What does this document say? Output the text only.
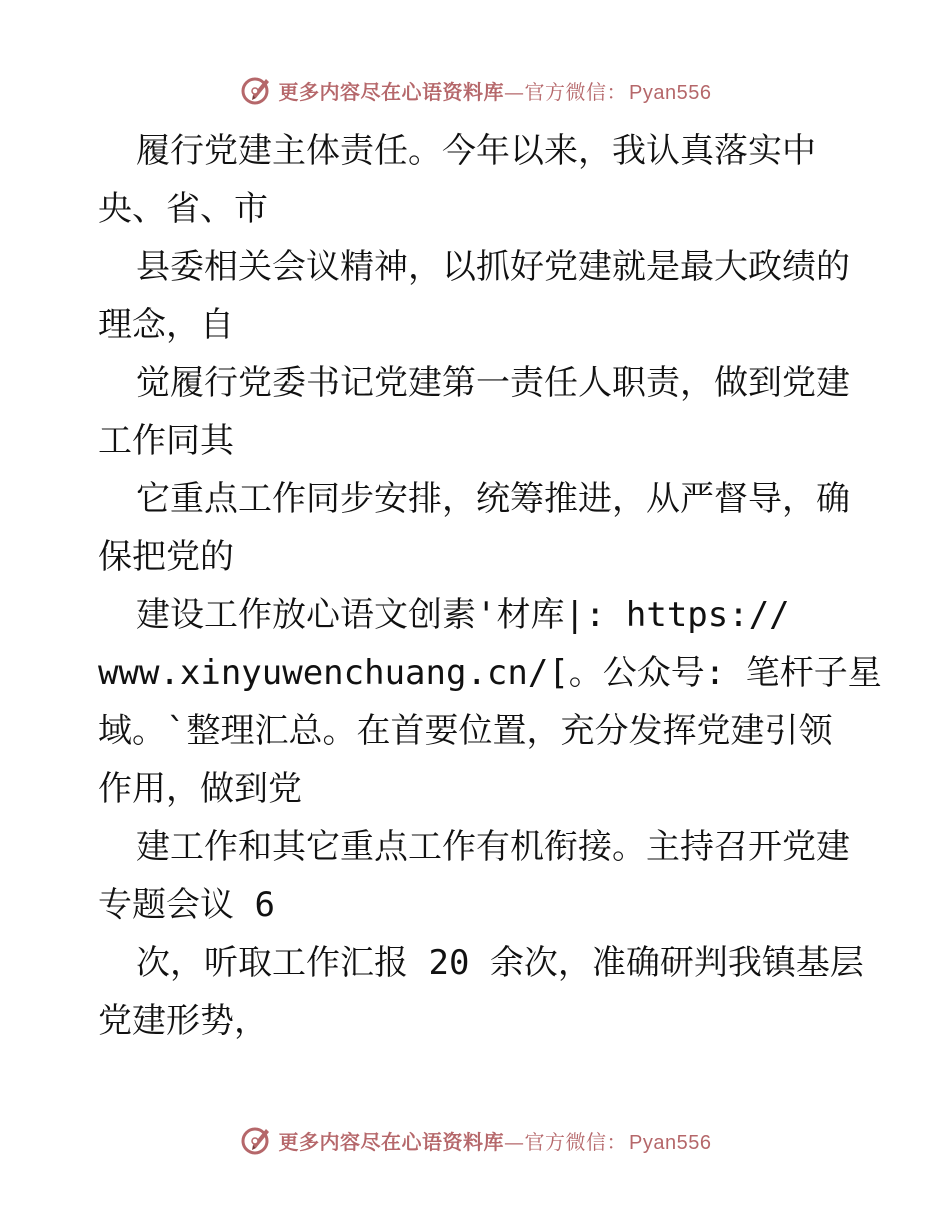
更多内容尽在心语资料库—官方微信： Pyan556
履行党建主体责任。今年以来，我认真落实中
央、省、市
县委相关会议精神，以抓好党建就是最大政绩的
理念，自
觉履行党委书记党建第一责任人职责，做到党建
工作同其
它重点工作同步安排，统筹推进，从严督导，确
保把党的
建设工作放心语文创素'材库|: https://
www.xinyuwenchuang.cn/[。公众号: 笔杆子星
域。`整理汇总。在首要位置，充分发挥党建引领
作用，做到党
建工作和其它重点工作有机衔接。主持召开党建
专题会议 6
次，听取工作汇报 20 余次，准确研判我镇基层
党建形势，
更多内容尽在心语资料库—官方微信： Pyan556
